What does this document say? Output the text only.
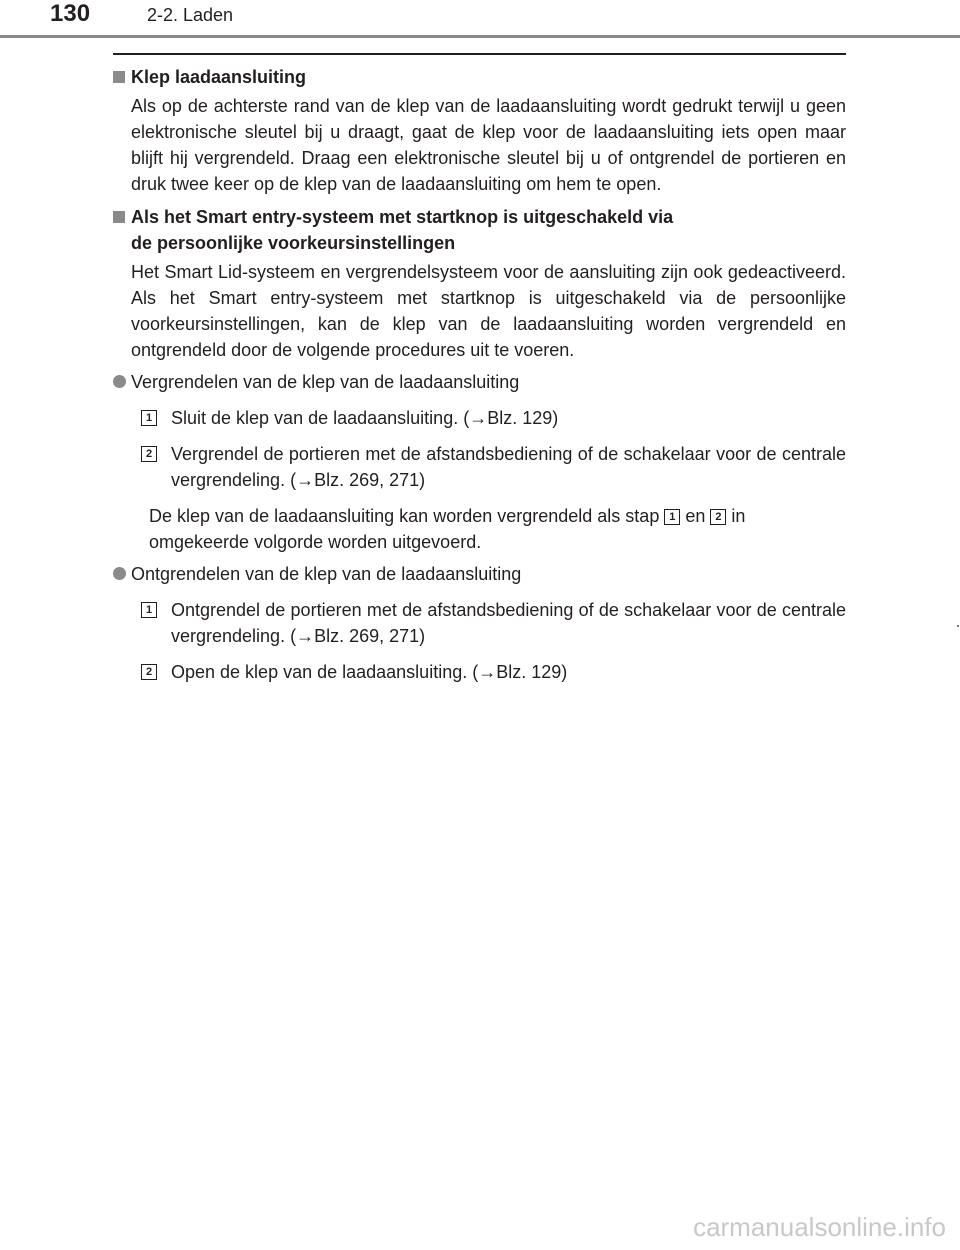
130	2-2. Laden

Klep laadaansluiting

Als op de achterste rand van de klep van de laadaansluiting wordt gedrukt terwijl u geen elektronische sleutel bij u draagt, gaat de klep voor de laadaansluiting iets open maar blijft hij vergrendeld. Draag een elektronische sleutel bij u of ontgrendel de portieren en druk twee keer op de klep van de laadaansluiting om hem te open.

Als het Smart entry-systeem met startknop is uitgeschakeld via
de persoonlijke voorkeursinstellingen

Het Smart Lid-systeem en vergrendelsysteem voor de aansluiting zijn ook gedeactiveerd. Als het Smart entry-systeem met startknop is uitgeschakeld via de persoonlijke voorkeursinstellingen, kan de klep van de laadaansluiting worden vergrendeld en ontgrendeld door de volgende procedures uit te voeren.

Vergrendelen van de klep van de laadaansluiting

1 Sluit de klep van de laadaansluiting. (→Blz. 129)

2 Vergrendel de portieren met de afstandsbediening of de schakelaar voor de centrale vergrendeling. (→Blz. 269, 271)

De klep van de laadaansluiting kan worden vergrendeld als stap 1 en 2 in omgekeerde volgorde worden uitgevoerd.

Ontgrendelen van de klep van de laadaansluiting

1 Ontgrendel de portieren met de afstandsbediening of de schakelaar voor de centrale vergrendeling. (→Blz. 269, 271)

2 Open de klep van de laadaansluiting. (→Blz. 129)

carmanualsonline.info
